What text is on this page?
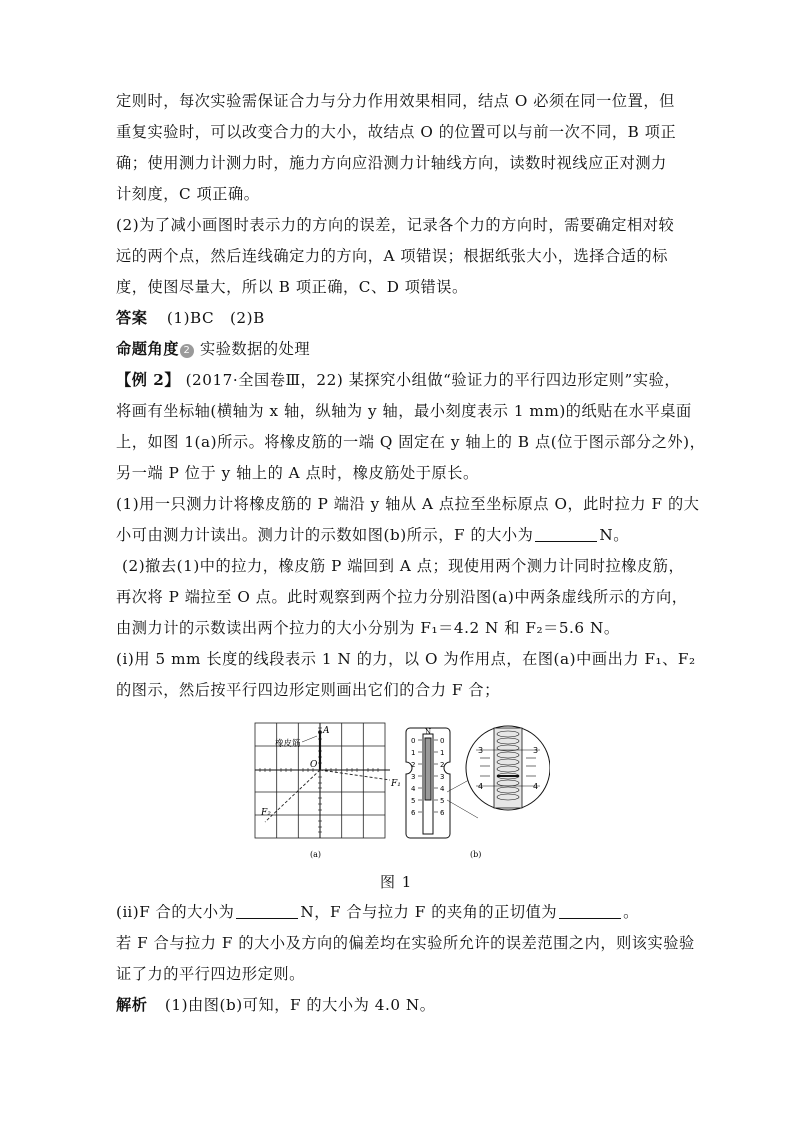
定则时，每次实验需保证合力与分力作用效果相同，结点 O 必须在同一位置，但
重复实验时，可以改变合力的大小，故结点 O 的位置可以与前一次不同，B 项正
确；使用测力计测力时，施力方向应沿测力计轴线方向，读数时视线应正对测力
计刻度，C 项正确。
(2)为了减小画图时表示力的方向的误差，记录各个力的方向时，需要确定相对较
远的两个点，然后连线确定力的方向，A 项错误；根据纸张大小，选择合适的标
度，使图尽量大，所以 B 项正确，C、D 项错误。
答案 (1)BC　(2)B
命题角度 2 实验数据的处理
【例 2】 (2017·全国卷Ⅲ，22) 某探究小组做“验证力的平行四边形定则”实验，
将画有坐标轴(横轴为 x 轴，纵轴为 y 轴，最小刻度表示 1 mm)的纸贴在水平桌面
上，如图 1(a)所示。将橡皮筋的一端 Q 固定在 y 轴上的 B 点(位于图示部分之外)，
另一端 P 位于 y 轴上的 A 点时，橡皮筋处于原长。
(1)用一只测力计将橡皮筋的 P 端沿 y 轴从 A 点拉至坐标原点 O，此时拉力 F 的大
小可由测力计读出。测力计的示数如图(b)所示，F 的大小为	N。
(2)撤去(1)中的拉力，橡皮筋 P 端回到 A 点；现使用两个测力计同时拉橡皮筋，
再次将 P 端拉至 O 点。此时观察到两个拉力分别沿图(a)中两条虚线所示的方向，
由测力计的示数读出两个拉力的大小分别为 F₁＝4.2 N 和 F₂＝5.6 N。
(ⅰ)用 5 mm 长度的线段表示 1 N 的力，以 O 为作用点，在图(a)中画出力 F₁、F₂
的图示，然后按平行四边形定则画出它们的合力 F 合；
橡皮筋
A
O
F₁
F₂
(a)
N
0
1
2
3
4
5
6
0
1
2
3
4
5
6
3
4
3
4
(b)
图 1
(ⅱ)F 合的大小为	N，F 合与拉力 F 的夹角的正切值为	。
若 F 合与拉力 F 的大小及方向的偏差均在实验所允许的误差范围之内，则该实验验
证了力的平行四边形定则。
解析 (1)由图(b)可知，F 的大小为 4.0 N。
